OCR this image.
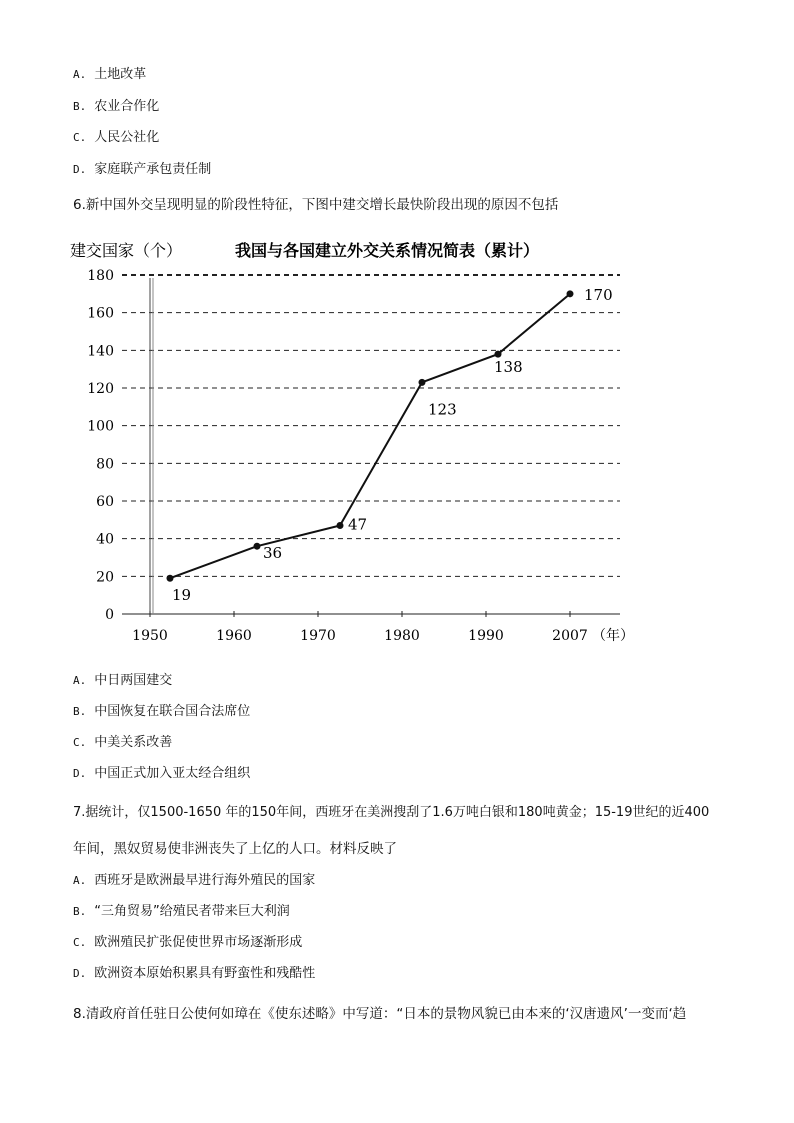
A. 土地改革
B. 农业合作化
C. 人民公社化
D. 家庭联产承包责任制
6.新中国外交呈现明显的阶段性特征，下图中建交增长最快阶段出现的原因不包括
建交国家（个）	我国与各国建立外交关系情况简表（累计）
0
20
40
60
80
100
120
140
160
180
1950	1960	1970	1980	1990	2007 （年）
19
36
47
123
138
170
A. 中日两国建交
B. 中国恢复在联合国合法席位
C. 中美关系改善
D. 中国正式加入亚太经合组织
7.据统计，仅1500-1650 年的150年间，西班牙在美洲搜刮了1.6万吨白银和180吨黄金；15-19世纪的近400
年间，黑奴贸易使非洲丧失了上亿的人口。材料反映了
A. 西班牙是欧洲最早进行海外殖民的国家
B. “三角贸易”给殖民者带来巨大利润
C. 欧洲殖民扩张促使世界市场逐渐形成
D. 欧洲资本原始积累具有野蛮性和残酷性
8.清政府首任驻日公使何如璋在《使东述略》中写道：“日本的景物风貌已由本来的‘汉唐遗风’一变而‘趋
